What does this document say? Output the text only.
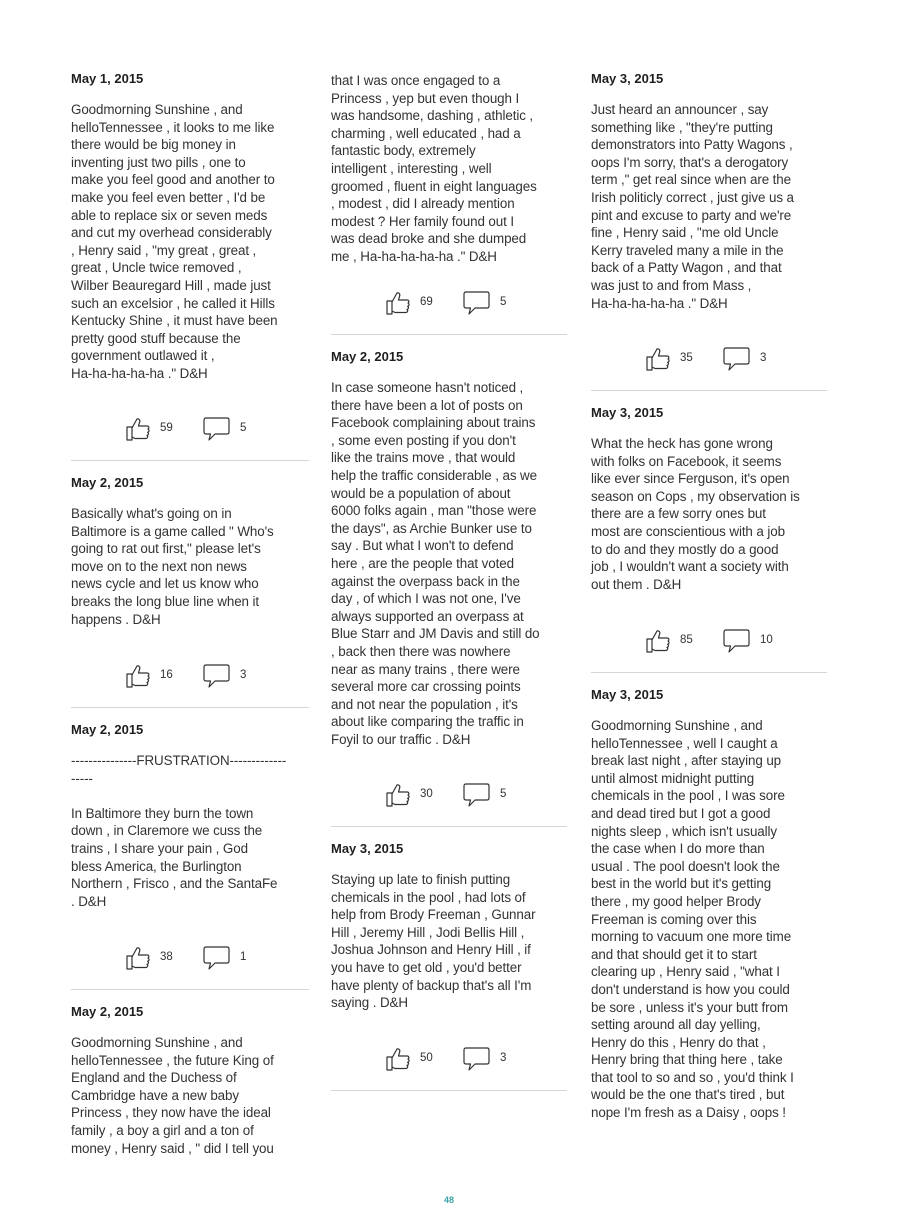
May 1, 2015
Goodmorning Sunshine , and
helloTennessee , it looks to me like
there would be big money in
inventing just two pills , one to
make you feel good and another to
make you feel even better , I'd be
able to replace six or seven meds
and cut my overhead considerably
, Henry said , "my great , great ,
great , Uncle twice removed ,
Wilber Beauregard Hill , made just
such an excelsior , he called it Hills
Kentucky Shine , it must have been
pretty good stuff because the
government outlawed it ,
Ha-ha-ha-ha-ha ." D&H
59	5
May 2, 2015
Basically what's going on in
Baltimore is a game called " Who's
going to rat out first," please let's
move on to the next non news
news cycle and let us know who
breaks the long blue line when it
happens . D&H
16	3
May 2, 2015
---------------FRUSTRATION-------------
-----

In Baltimore they burn the town
down , in Claremore we cuss the
trains , I share your pain , God
bless America, the Burlington
Northern , Frisco , and the SantaFe
. D&H
38	1
May 2, 2015
Goodmorning Sunshine , and
helloTennessee , the future King of
England and the Duchess of
Cambridge have a new baby
Princess , they now have the ideal
family , a boy a girl and a ton of
money , Henry said , " did I tell you
that I was once engaged to a
Princess , yep but even though I
was handsome, dashing , athletic ,
charming , well educated , had a
fantastic body, extremely
intelligent , interesting , well
groomed , fluent in eight languages
, modest , did I already mention
modest ? Her family found out I
was dead broke and she dumped
me , Ha-ha-ha-ha-ha ." D&H
69	5
May 2, 2015
In case someone hasn't noticed ,
there have been a lot of posts on
Facebook complaining about trains
, some even posting if you don't
like the trains move , that would
help the traffic considerable , as we
would be a population of about
6000 folks again , man "those were
the days", as Archie Bunker use to
say . But what I won't to defend
here , are the people that voted
against the overpass back in the
day , of which I was not one, I've
always supported an overpass at
Blue Starr and JM Davis and still do
, back then there was nowhere
near as many trains , there were
several more car crossing points
and not near the population , it's
about like comparing the traffic in
Foyil to our traffic . D&H
30	5
May 3, 2015
Staying up late to finish putting
chemicals in the pool , had lots of
help from Brody Freeman , Gunnar
Hill , Jeremy Hill , Jodi Bellis Hill ,
Joshua Johnson and Henry Hill , if
you have to get old , you'd better
have plenty of backup that's all I'm
saying . D&H
50	3
May 3, 2015
Just heard an announcer , say
something like , "they're putting
demonstrators into Patty Wagons ,
oops I'm sorry, that's a derogatory
term ," get real since when are the
Irish politicly correct , just give us a
pint and excuse to party and we're
fine , Henry said , "me old Uncle
Kerry traveled many a mile in the
back of a Patty Wagon , and that
was just to and from Mass ,
Ha-ha-ha-ha-ha ." D&H
35	3
May 3, 2015
What the heck has gone wrong
with folks on Facebook, it seems
like ever since Ferguson, it's open
season on Cops , my observation is
there are a few sorry ones but
most are conscientious with a job
to do and they mostly do a good
job , I wouldn't want a society with
out them . D&H
85	10
May 3, 2015
Goodmorning Sunshine , and
helloTennessee , well I caught a
break last night , after staying up
until almost midnight putting
chemicals in the pool , I was sore
and dead tired but I got a good
nights sleep , which isn't usually
the case when I do more than
usual . The pool doesn't look the
best in the world but it's getting
there , my good helper Brody
Freeman is coming over this
morning to vacuum one more time
and that should get it to start
clearing up , Henry said , "what I
don't understand is how you could
be sore , unless it's your butt from
setting around all day yelling,
Henry do this , Henry do that ,
Henry bring that thing here , take
that tool to so and so , you'd think I
would be the one that's tired , but
nope I'm fresh as a Daisy , oops !
48
